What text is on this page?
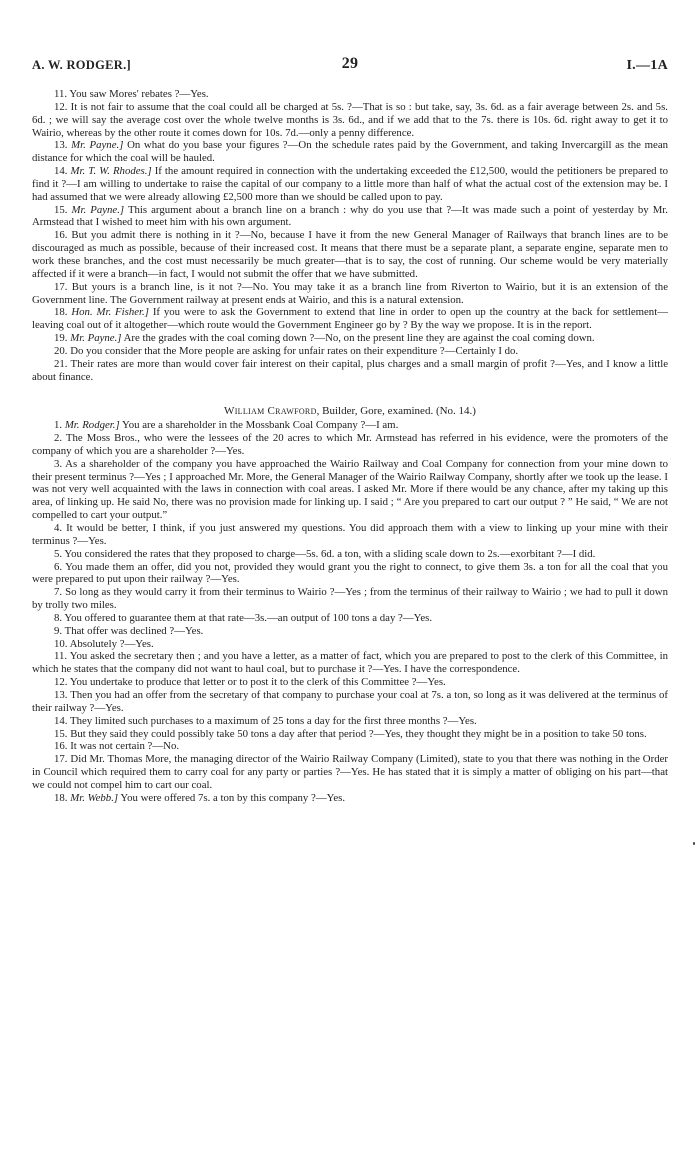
A. W. RODGER.]	29	I.—1A

11. You saw Mores' rebates ?—Yes.

12. It is not fair to assume that the coal could all be charged at 5s. ?—That is so : but take, say, 3s. 6d. as a fair average between 2s. and 5s. 6d. ; we will say the average cost over the whole twelve months is 3s. 6d., and if we add that to the 7s. there is 10s. 6d. right away to get it to Wairio, whereas by the other route it comes down for 10s. 7d.—only a penny difference.

13. Mr. Payne.] On what do you base your figures ?—On the schedule rates paid by the Government, and taking Invercargill as the mean distance for which the coal will be hauled.

14. Mr. T. W. Rhodes.] If the amount required in connection with the undertaking exceeded the £12,500, would the petitioners be prepared to find it ?—I am willing to undertake to raise the capital of our company to a little more than half of what the actual cost of the extension may be. I had assumed that we were already allowing £2,500 more than we should be called upon to pay.

15. Mr. Payne.] This argument about a branch line on a branch : why do you use that ?—It was made such a point of yesterday by Mr. Armstead that I wished to meet him with his own argument.

16. But you admit there is nothing in it ?—No, because I have it from the new General Manager of Railways that branch lines are to be discouraged as much as possible, because of their increased cost. It means that there must be a separate plant, a separate engine, separate men to work these branches, and the cost must necessarily be much greater—that is to say, the cost of running. Our scheme would be very materially affected if it were a branch—in fact, I would not submit the offer that we have submitted.

17. But yours is a branch line, is it not ?—No. You may take it as a branch line from Riverton to Wairio, but it is an extension of the Government line. The Government railway at present ends at Wairio, and this is a natural extension.

18. Hon. Mr. Fisher.] If you were to ask the Government to extend that line in order to open up the country at the back for settlement—leaving coal out of it altogether—which route would the Government Engineer go by ? By the way we propose. It is in the report.

19. Mr. Payne.] Are the grades with the coal coming down ?—No, on the present line they are against the coal coming down.

20. Do you consider that the More people are asking for unfair rates on their expenditure ?—Certainly I do.

21. Their rates are more than would cover fair interest on their capital, plus charges and a small margin of profit ?—Yes, and I know a little about finance.

William Crawford, Builder, Gore, examined. (No. 14.)

1. Mr. Rodger.] You are a shareholder in the Mossbank Coal Company ?—I am.

2. The Moss Bros., who were the lessees of the 20 acres to which Mr. Armstead has referred in his evidence, were the promoters of the company of which you are a shareholder ?—Yes.

3. As a shareholder of the company you have approached the Wairio Railway and Coal Company for connection from your mine down to their present terminus ?—Yes ; I approached Mr. More, the General Manager of the Wairio Railway Company, shortly after we took up the lease. I was not very well acquainted with the laws in connection with coal areas. I asked Mr. More if there would be any chance, after my taking up this area, of linking up. He said No, there was no provision made for linking up. I said ; “ Are you prepared to cart our output ? ” He said, “ We are not compelled to cart your output.”

4. It would be better, I think, if you just answered my questions. You did approach them with a view to linking up your mine with their terminus ?—Yes.

5. You considered the rates that they proposed to charge—5s. 6d. a ton, with a sliding scale down to 2s.—exorbitant ?—I did.

6. You made them an offer, did you not, provided they would grant you the right to connect, to give them 3s. a ton for all the coal that you were prepared to put upon their railway ?—Yes.

7. So long as they would carry it from their terminus to Wairio ?—Yes ; from the terminus of their railway to Wairio ; we had to pull it down by trolly two miles.

8. You offered to guarantee them at that rate—3s.—an output of 100 tons a day ?—Yes.

9. That offer was declined ?—Yes.

10. Absolutely ?—Yes.

11. You asked the secretary then ; and you have a letter, as a matter of fact, which you are prepared to post to the clerk of this Committee, in which he states that the company did not want to haul coal, but to purchase it ?—Yes. I have the correspondence.

12. You undertake to produce that letter or to post it to the clerk of this Committee ?—Yes.

13. Then you had an offer from the secretary of that company to purchase your coal at 7s. a ton, so long as it was delivered at the terminus of their railway ?—Yes.

14. They limited such purchases to a maximum of 25 tons a day for the first three months ?—Yes.

15. But they said they could possibly take 50 tons a day after that period ?—Yes, they thought they might be in a position to take 50 tons.

16. It was not certain ?—No.

17. Did Mr. Thomas More, the managing director of the Wairio Railway Company (Limited), state to you that there was nothing in the Order in Council which required them to carry coal for any party or parties ?—Yes. He has stated that it is simply a matter of obliging on his part—that we could not compel him to cart our coal.

18. Mr. Webb.] You were offered 7s. a ton by this company ?—Yes.
